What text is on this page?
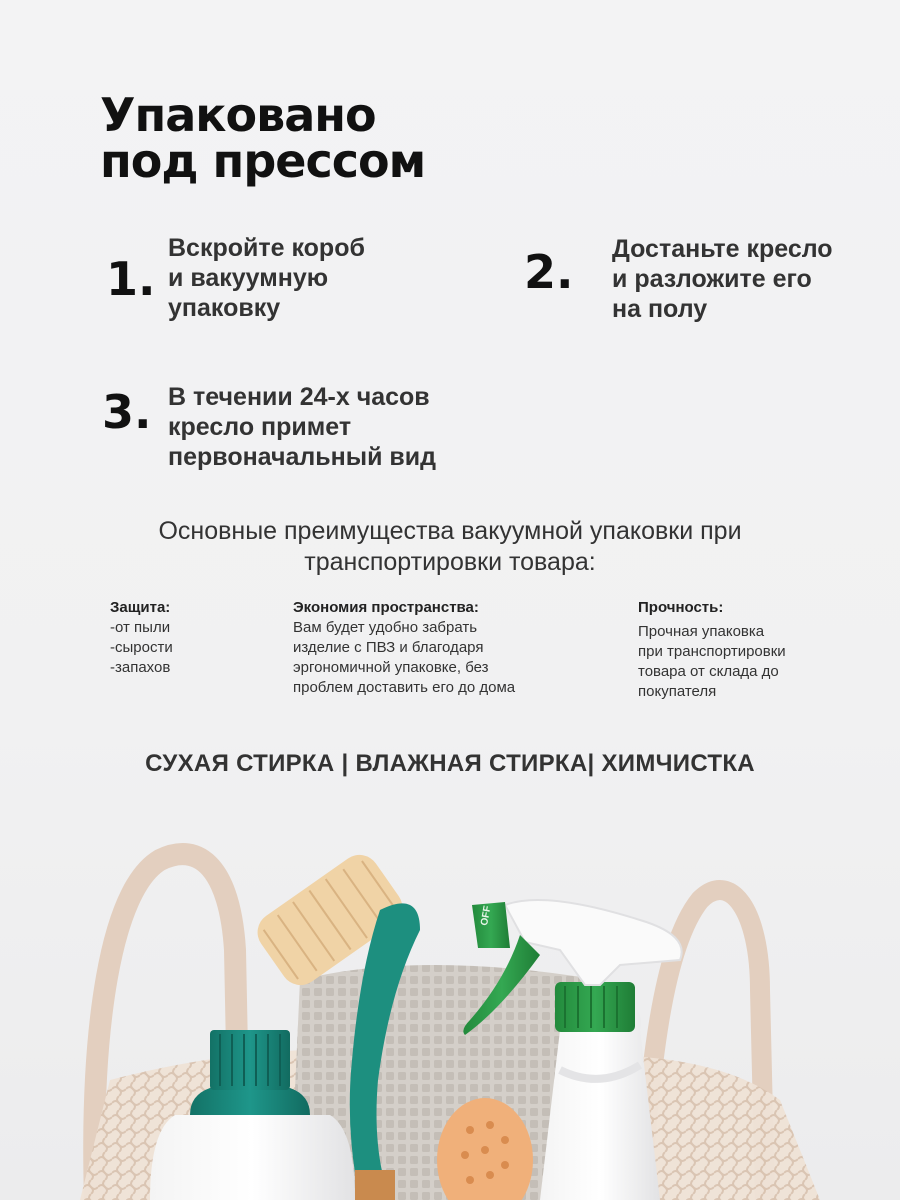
Упаковано
под прессом
1.
Вскройте короб
и вакуумную
упаковку
2. Достаньте кресло
и разложите его
на полу
3. В течении 24-х часов
кресло примет
первоначальный вид
Основные преимущества вакуумной упаковки при
транспортировки товара:
Защита:
-от пыли
-сырости
-запахов
Экономия пространства:
Вам будет удобно забрать
изделие с ПВЗ и благодаря
эргономичной упаковке, без
проблем доставить его до дома
Прочность:
Прочная упаковка
при транспортировки
товара от склада до
покупателя
СУХАЯ СТИРКА | ВЛАЖНАЯ СТИРКА| ХИМЧИСТКА
OFF
